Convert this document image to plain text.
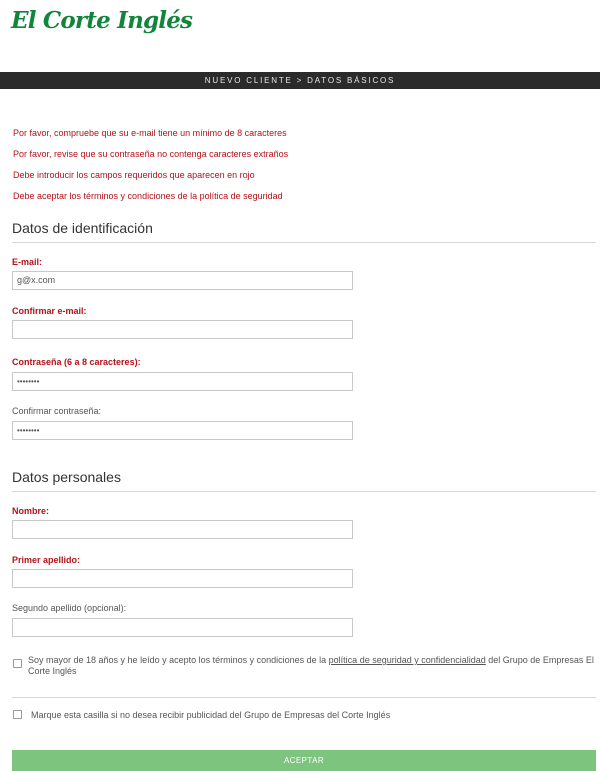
El Corte Inglés
NUEVO CLIENTE > DATOS BÁSICOS
Por favor, compruebe que su e-mail tiene un mínimo de 8 caracteres
Por favor, revise que su contraseña no contenga caracteres extraños
Debe introducir los campos requeridos que aparecen en rojo
Debe aceptar los términos y condiciones de la política de seguridad
Datos de identificación
E-mail:
g@x.com
Confirmar e-mail:
Contraseña (6 a 8 caracteres):
••••••••
Confirmar contraseña:
••••••••
Datos personales
Nombre:
Primer apellido:
Segundo apellido (opcional):
Soy mayor de 18 años y he leído y acepto los términos y condiciones de la política de seguridad y confidencialidad del Grupo de Empresas El Corte Inglés
Marque esta casilla si no desea recibir publicidad del Grupo de Empresas del Corte Inglés
ACEPTAR
